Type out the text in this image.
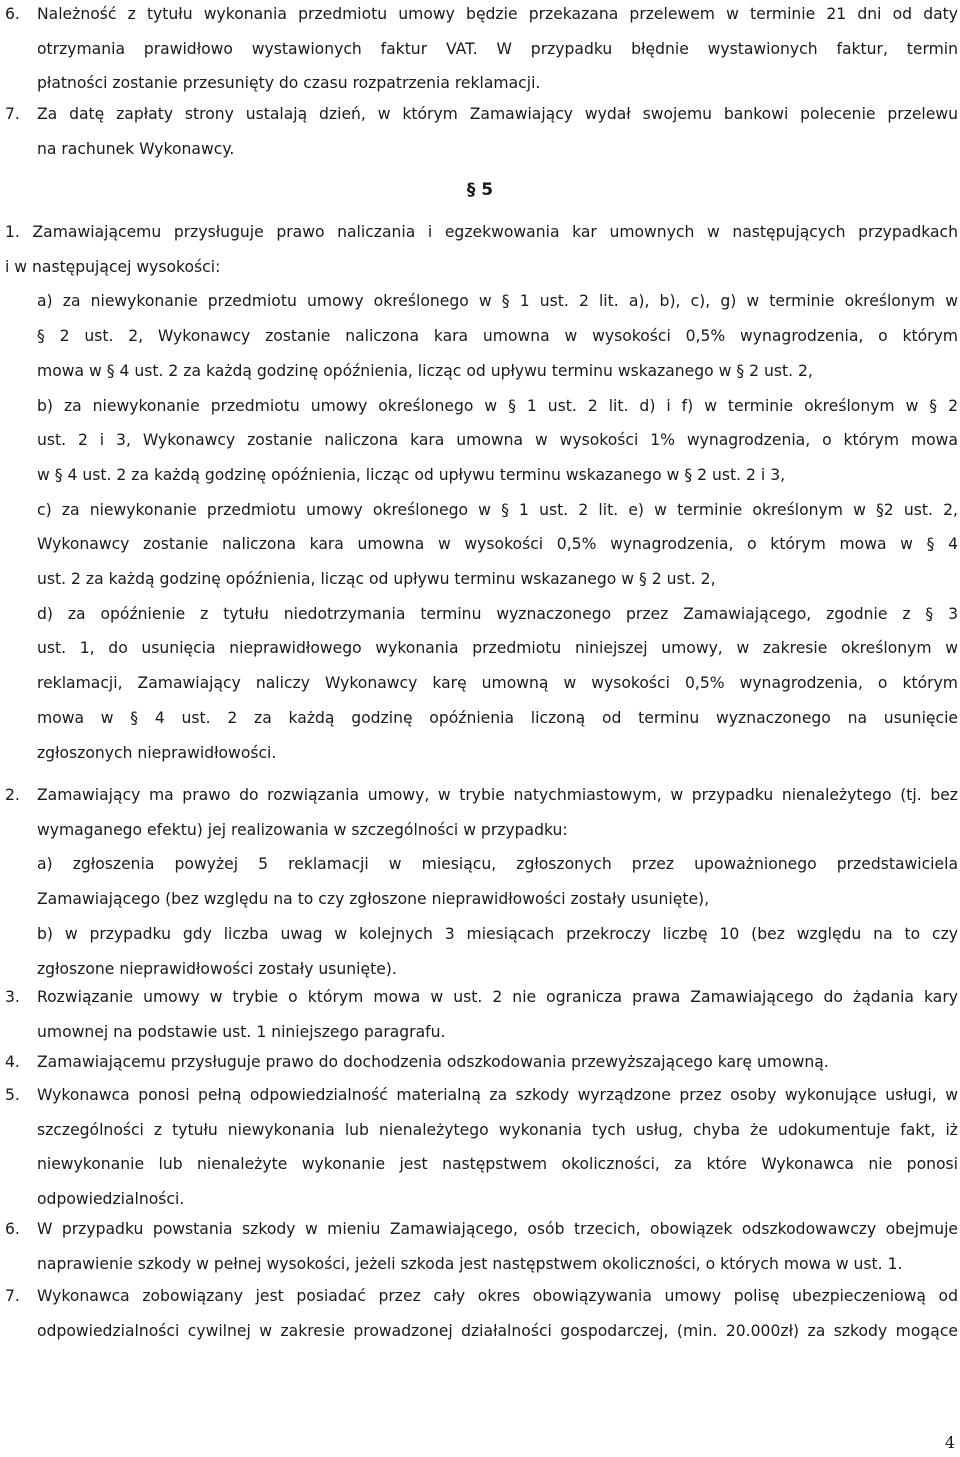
6. Należność z tytułu wykonania przedmiotu umowy będzie przekazana przelewem w terminie 21 dni od daty
otrzymania prawidłowo wystawionych faktur VAT. W przypadku błędnie wystawionych faktur, termin
płatności zostanie przesunięty do czasu rozpatrzenia reklamacji.
7. Za datę zapłaty strony ustalają dzień, w którym Zamawiający wydał swojemu bankowi polecenie przelewu
na rachunek Wykonawcy.
§ 5
1. Zamawiającemu przysługuje prawo naliczania i egzekwowania kar umownych w następujących przypadkach
i w następującej wysokości:
a) za niewykonanie przedmiotu umowy określonego w § 1 ust. 2 lit. a), b), c), g) w terminie określonym w
§ 2 ust. 2, Wykonawcy zostanie naliczona kara umowna w wysokości 0,5% wynagrodzenia, o którym
mowa w § 4 ust. 2 za każdą godzinę opóźnienia, licząc od upływu terminu wskazanego w § 2 ust. 2,
b) za niewykonanie przedmiotu umowy określonego w § 1 ust. 2 lit. d) i f) w terminie określonym w § 2
ust. 2 i 3, Wykonawcy zostanie naliczona kara umowna w wysokości 1% wynagrodzenia, o którym mowa
w § 4 ust. 2 za każdą godzinę opóźnienia, licząc od upływu terminu wskazanego w § 2 ust. 2 i 3,
c) za niewykonanie przedmiotu umowy określonego w § 1 ust. 2 lit. e) w terminie określonym w §2 ust. 2,
Wykonawcy zostanie naliczona kara umowna w wysokości 0,5% wynagrodzenia, o którym mowa w § 4
ust. 2 za każdą godzinę opóźnienia, licząc od upływu terminu wskazanego w § 2 ust. 2,
d) za opóźnienie z tytułu niedotrzymania terminu wyznaczonego przez Zamawiającego, zgodnie z § 3
ust. 1, do usunięcia nieprawidłowego wykonania przedmiotu niniejszej umowy, w zakresie określonym w
reklamacji, Zamawiający naliczy Wykonawcy karę umowną w wysokości 0,5% wynagrodzenia, o którym
mowa w § 4 ust. 2 za każdą godzinę opóźnienia liczoną od terminu wyznaczonego na usunięcie
zgłoszonych nieprawidłowości.
2. Zamawiający ma prawo do rozwiązania umowy, w trybie natychmiastowym, w przypadku nienależytego (tj. bez
wymaganego efektu) jej realizowania w szczególności w przypadku:
a) zgłoszenia powyżej 5 reklamacji w miesiącu, zgłoszonych przez upoważnionego przedstawiciela
Zamawiającego (bez względu na to czy zgłoszone nieprawidłowości zostały usunięte),
b) w przypadku gdy liczba uwag w kolejnych 3 miesiącach przekroczy liczbę 10 (bez względu na to czy
zgłoszone nieprawidłowości zostały usunięte).
3. Rozwiązanie umowy w trybie o którym mowa w ust. 2 nie ogranicza prawa Zamawiającego do żądania kary
umownej na podstawie ust. 1 niniejszego paragrafu.
4. Zamawiającemu przysługuje prawo do dochodzenia odszkodowania przewyższającego karę umowną.
5. Wykonawca ponosi pełną odpowiedzialność materialną za szkody wyrządzone przez osoby wykonujące usługi, w
szczególności z tytułu niewykonania lub nienależytego wykonania tych usług, chyba że udokumentuje fakt, iż
niewykonanie lub nienależyte wykonanie jest następstwem okoliczności, za które Wykonawca nie ponosi
odpowiedzialności.
6. W przypadku powstania szkody w mieniu Zamawiającego, osób trzecich, obowiązek odszkodowawczy obejmuje
naprawienie szkody w pełnej wysokości, jeżeli szkoda jest następstwem okoliczności, o których mowa w ust. 1.
7. Wykonawca zobowiązany jest posiadać przez cały okres obowiązywania umowy polisę ubezpieczeniową od
odpowiedzialności cywilnej w zakresie prowadzonej działalności gospodarczej, (min. 20.000zł) za szkody mogące
4
